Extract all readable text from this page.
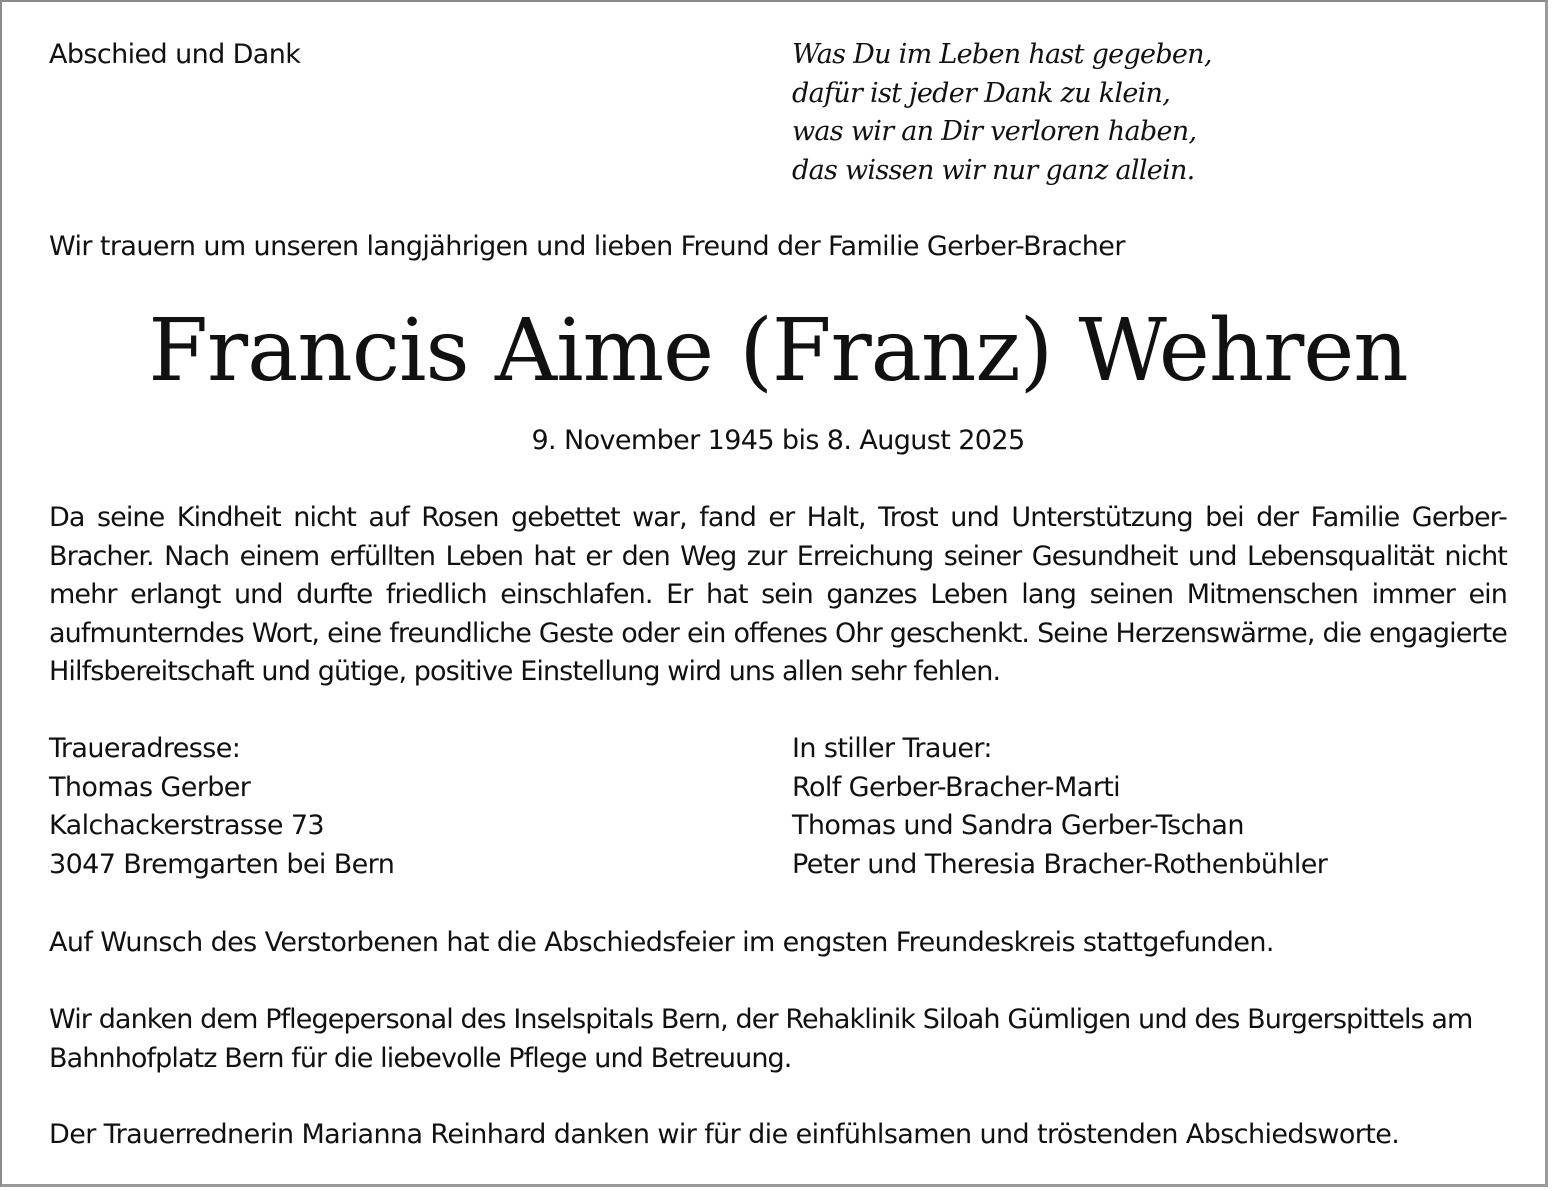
Abschied und Dank	Was Du im Leben hast gegeben,
dafür ist jeder Dank zu klein,
was wir an Dir verloren haben,
das wissen wir nur ganz allein.
Wir trauern um unseren langjährigen und lieben Freund der Familie Gerber-Bracher
Francis Aime (Franz) Wehren
9. November 1945 bis 8. August 2025
Da seine Kindheit nicht auf Rosen gebettet war, fand er Halt, Trost und Unterstützung bei der Familie Gerber-Bracher. Nach einem erfüllten Leben hat er den Weg zur Erreichung seiner Gesundheit und Lebensqualität nicht mehr erlangt und durfte friedlich einschlafen. Er hat sein ganzes Leben lang seinen Mitmenschen immer ein aufmunterndes Wort, eine freundliche Geste oder ein offenes Ohr geschenkt. Seine Herzenswärme, die engagierte Hilfsbereitschaft und gütige, positive Einstellung wird uns allen sehr fehlen.
Traueradresse:
Thomas Gerber
Kalchackerstrasse 73
3047 Bremgarten bei Bern
In stiller Trauer:
Rolf Gerber-Bracher-Marti
Thomas und Sandra Gerber-Tschan
Peter und Theresia Bracher-Rothenbühler
Auf Wunsch des Verstorbenen hat die Abschiedsfeier im engsten Freundeskreis stattgefunden.
Wir danken dem Pflegepersonal des Inselspitals Bern, der Rehaklinik Siloah Gümligen und des Burgerspittels am
Bahnhofplatz Bern für die liebevolle Pflege und Betreuung.
Der Trauerrednerin Marianna Reinhard danken wir für die einfühlsamen und tröstenden Abschiedsworte.
